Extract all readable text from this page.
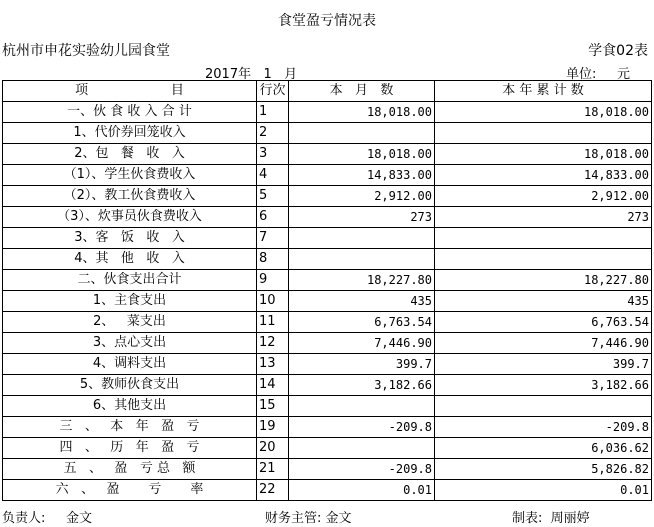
食堂盈亏情况表
杭州市申花实验幼儿园食堂	学食02表
2017年   1   月	单位:     元
项                    目	行次	本   月   数	本 年 累 计 数
一、伙 食 收 入 合 计	1	18,018.00	18,018.00
1、代价券回笼收入	2		
2、包   餐   收   入	3	18,018.00	18,018.00
（1）、学生伙食费收入	4	14,833.00	14,833.00
（2）、教工伙食费收入	5	2,912.00	2,912.00
（3）、炊事员伙食费收入	6	273	273
3、客   饭   收   入	7		
4、其   他   收   入	8		
二、伙食支出合计	9	18,227.80	18,227.80
1、主食支出	10	435	435
2、   菜支出	11	6,763.54	6,763.54
3、点心支出	12	7,446.90	7,446.90
4、调料支出	13	399.7	399.7
5、教师伙食支出	14	3,182.66	3,182.66
6、其他支出	15		
三   、   本   年   盈   亏	19	-209.8	-209.8
四   、   历   年   盈   亏	20		6,036.62
五   、   盈   亏 总   额	21	-209.8	5,826.82
六   、   盈       亏       率	22	0.01	0.01
负责人:     金文	财务主管: 金文	制表:  周丽婷
